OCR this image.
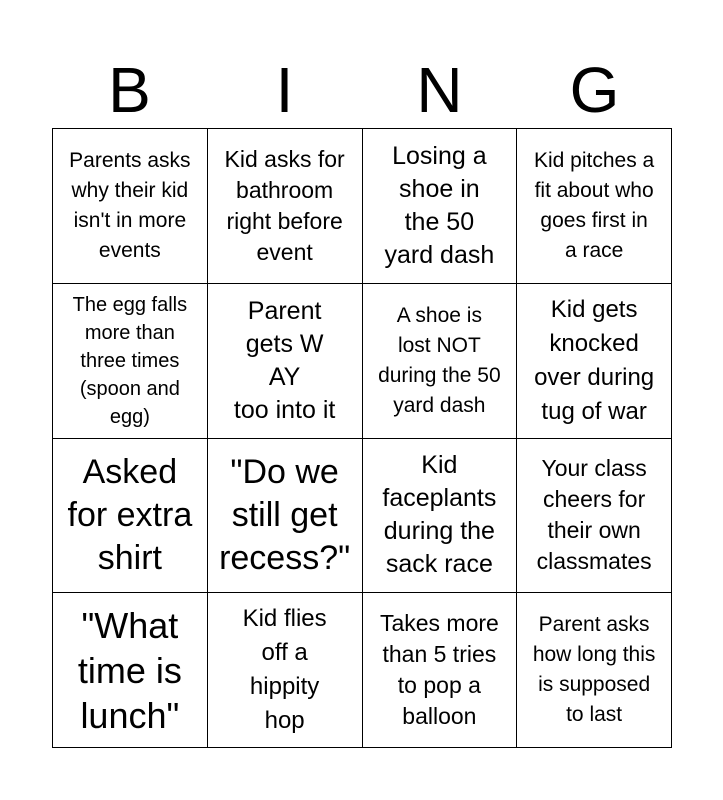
B	I	N	G
Parents asks
why their kid
isn't in more
events
Kid asks for
bathroom
right before
event
Losing a
shoe in
the 50
yard dash
Kid pitches a
fit about who
goes first in
a race
The egg falls
more than
three times
(spoon and
egg)
Parent
gets W
AY
too into it
A shoe is
lost NOT
during the 50
yard dash
Kid gets
knocked
over during
tug of war
Asked
for extra
shirt
"Do we
still get
recess?"
Kid
faceplants
during the
sack race
Your class
cheers for
their own
classmates
"What
time is
lunch"
Kid flies
off a
hippity
hop
Takes more
than 5 tries
to pop a
balloon
Parent asks
how long this
is supposed
to last
